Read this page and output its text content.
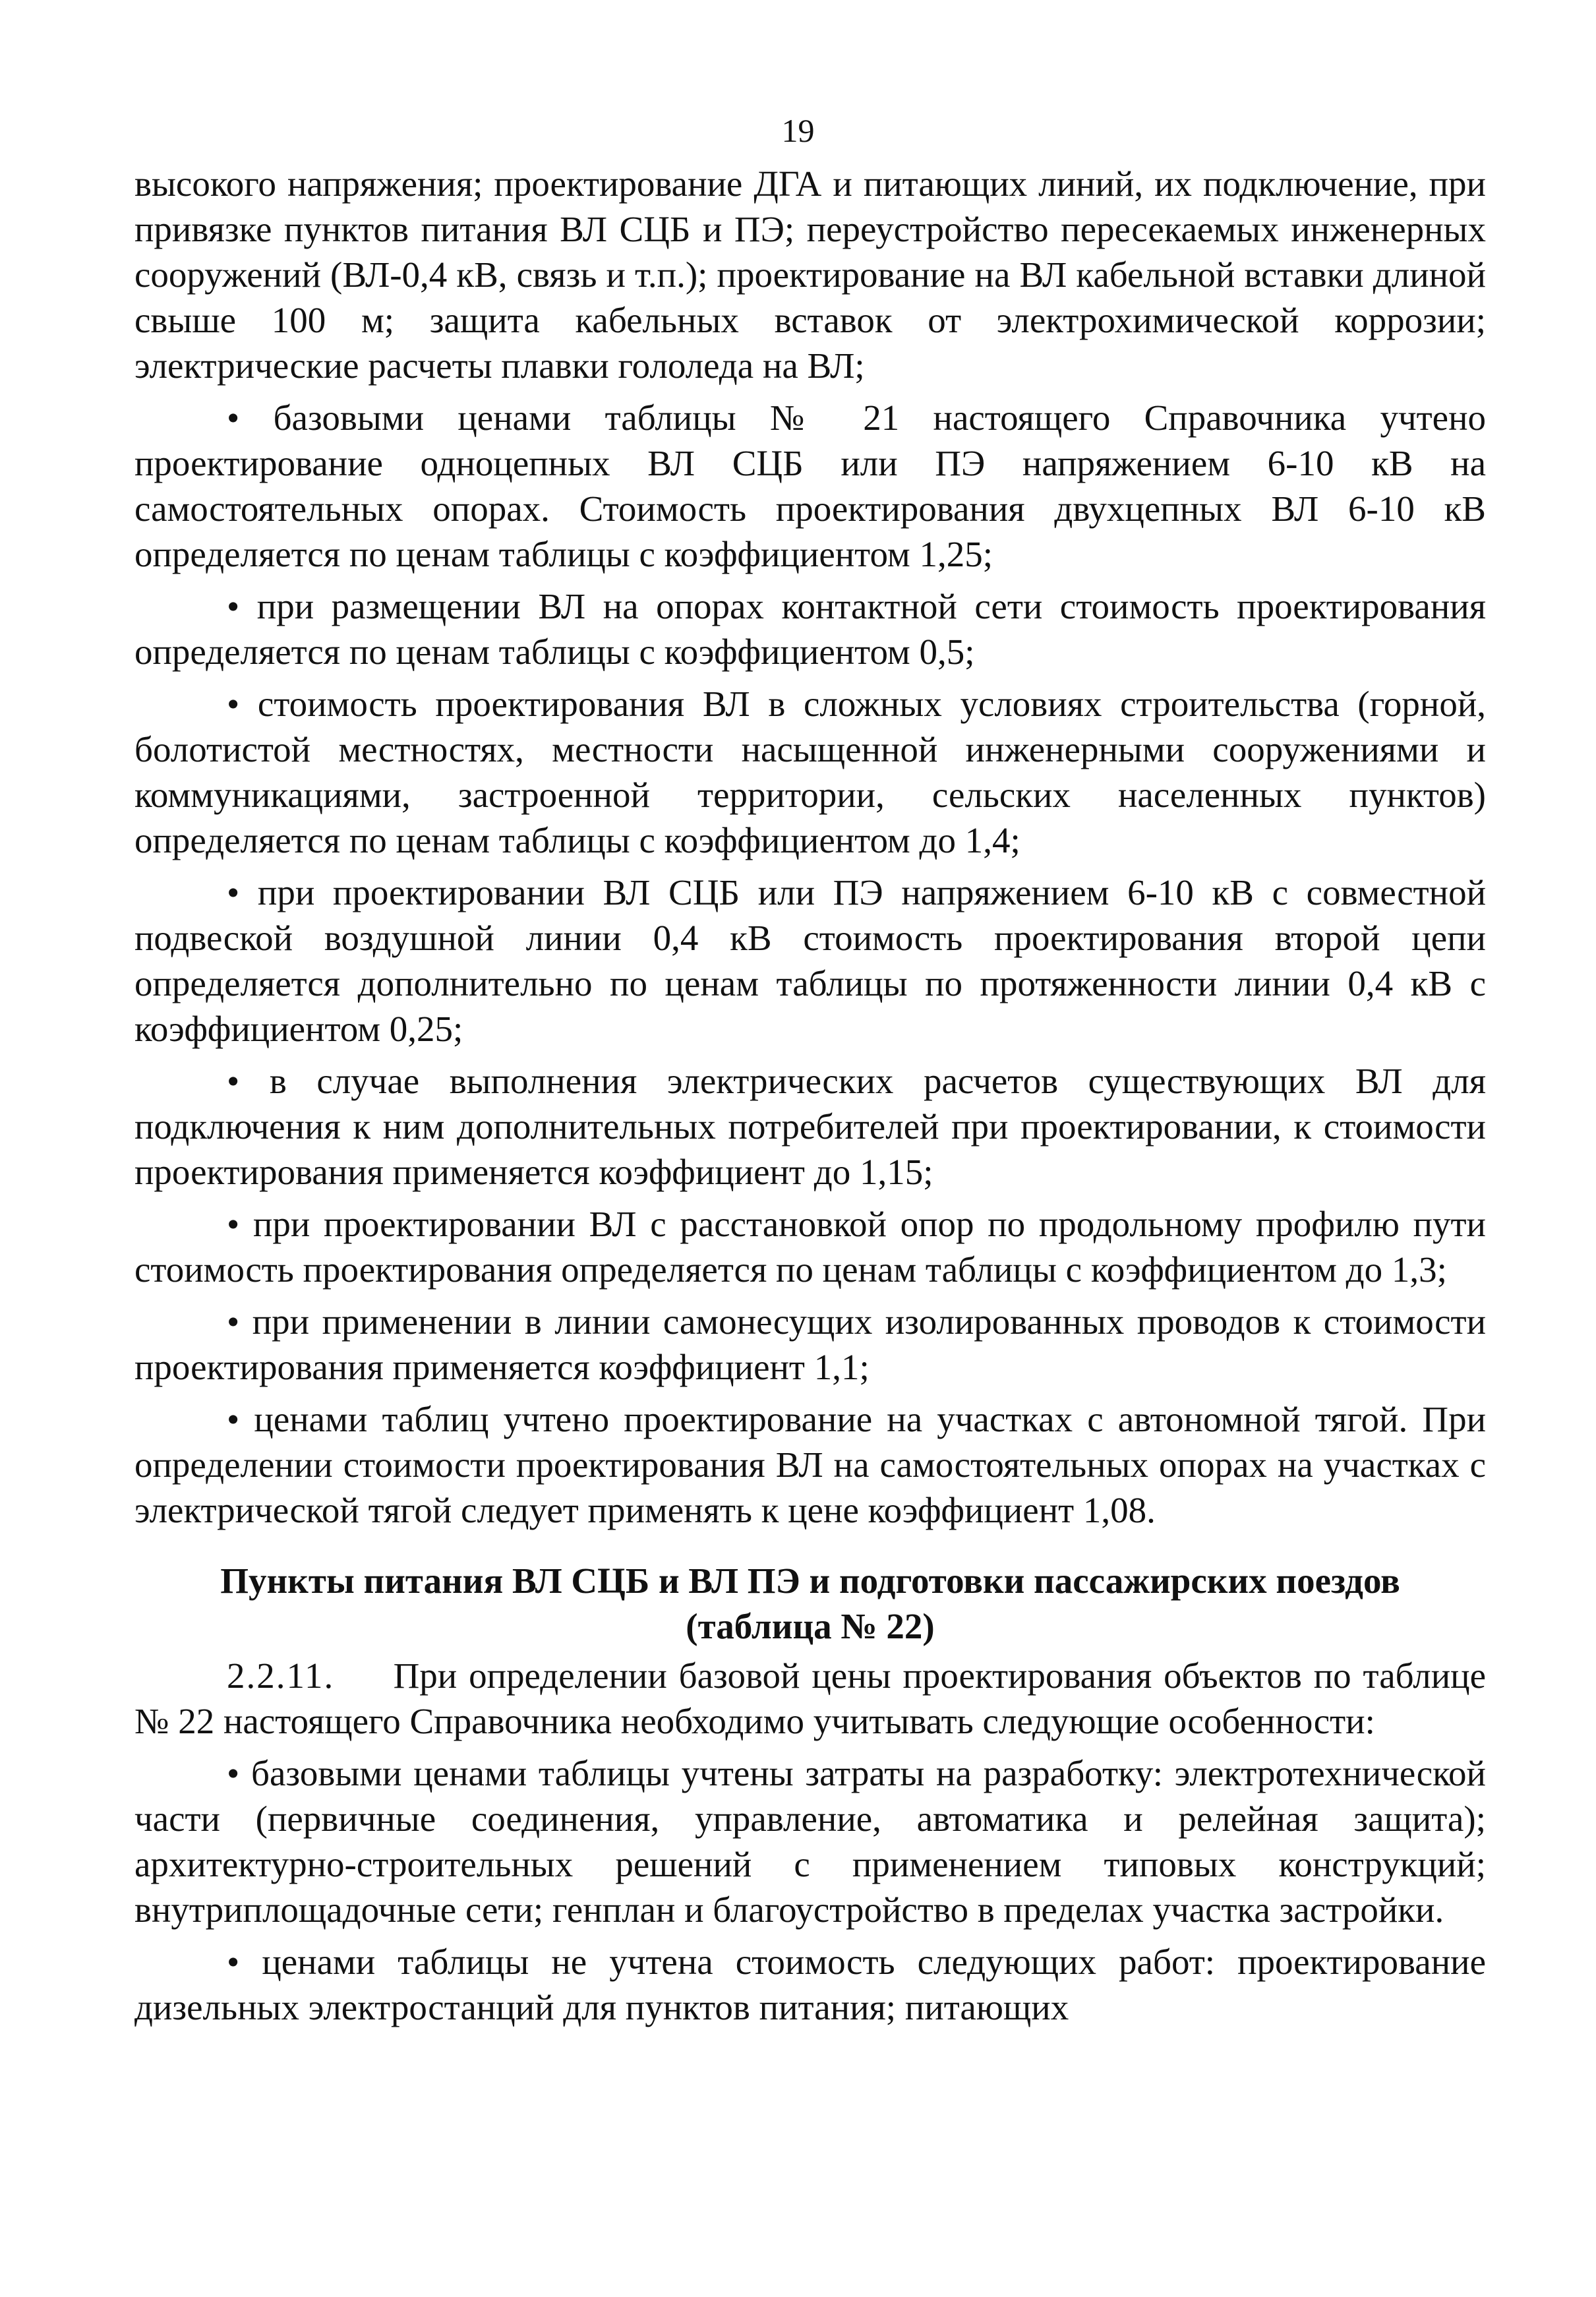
19

высокого напряжения; проектирование ДГА и питающих линий, их подключение, при привязке пунктов питания ВЛ СЦБ и ПЭ; переустройство пересекаемых инженерных сооружений (ВЛ-0,4 кВ, связь и т.п.); проектирование на ВЛ кабельной вставки длиной свыше 100 м; защита кабельных вставок от электрохимической коррозии; электрические расчеты плавки гололеда на ВЛ;

• базовыми ценами таблицы № 21 настоящего Справочника учтено проектирование одноцепных ВЛ СЦБ или ПЭ напряжением 6-10 кВ на самостоятельных опорах. Стоимость проектирования двухцепных ВЛ 6-10 кВ определяется по ценам таблицы с коэффициентом 1,25;

• при размещении ВЛ на опорах контактной сети стоимость проектирования определяется по ценам таблицы с коэффициентом 0,5;

• стоимость проектирования ВЛ в сложных условиях строительства (горной, болотистой местностях, местности насыщенной инженерными сооружениями и коммуникациями, застроенной территории, сельских населенных пунктов) определяется по ценам таблицы с коэффициентом до 1,4;

• при проектировании ВЛ СЦБ или ПЭ напряжением 6-10 кВ с совместной подвеской воздушной линии 0,4 кВ стоимость проектирования второй цепи определяется дополнительно по ценам таблицы по протяженности линии 0,4 кВ с коэффициентом 0,25;

• в случае выполнения электрических расчетов существующих ВЛ для подключения к ним дополнительных потребителей при проектировании, к стоимости проектирования применяется коэффициент до 1,15;

• при проектировании ВЛ с расстановкой опор по продольному профилю пути стоимость проектирования определяется по ценам таблицы с коэффициентом до 1,3;

• при применении в линии самонесущих изолированных проводов к стоимости проектирования применяется коэффициент 1,1;

• ценами таблиц учтено проектирование на участках с автономной тягой. При определении стоимости проектирования ВЛ на самостоятельных опорах на участках с электрической тягой следует применять к цене коэффициент 1,08.

Пункты питания ВЛ СЦБ и ВЛ ПЭ и подготовки пассажирских поездов
(таблица № 22)

2.2.11. При определении базовой цены проектирования объектов по таблице № 22 настоящего Справочника необходимо учитывать следующие особенности:

• базовыми ценами таблицы учтены затраты на разработку: электротехнической части (первичные соединения, управление, автоматика и релейная защита); архитектурно-строительных решений с применением типовых конструкций; внутриплощадочные сети; генплан и благоустройство в пределах участка застройки.

• ценами таблицы не учтена стоимость следующих работ: проектирование дизельных электростанций для пунктов питания; питающих
